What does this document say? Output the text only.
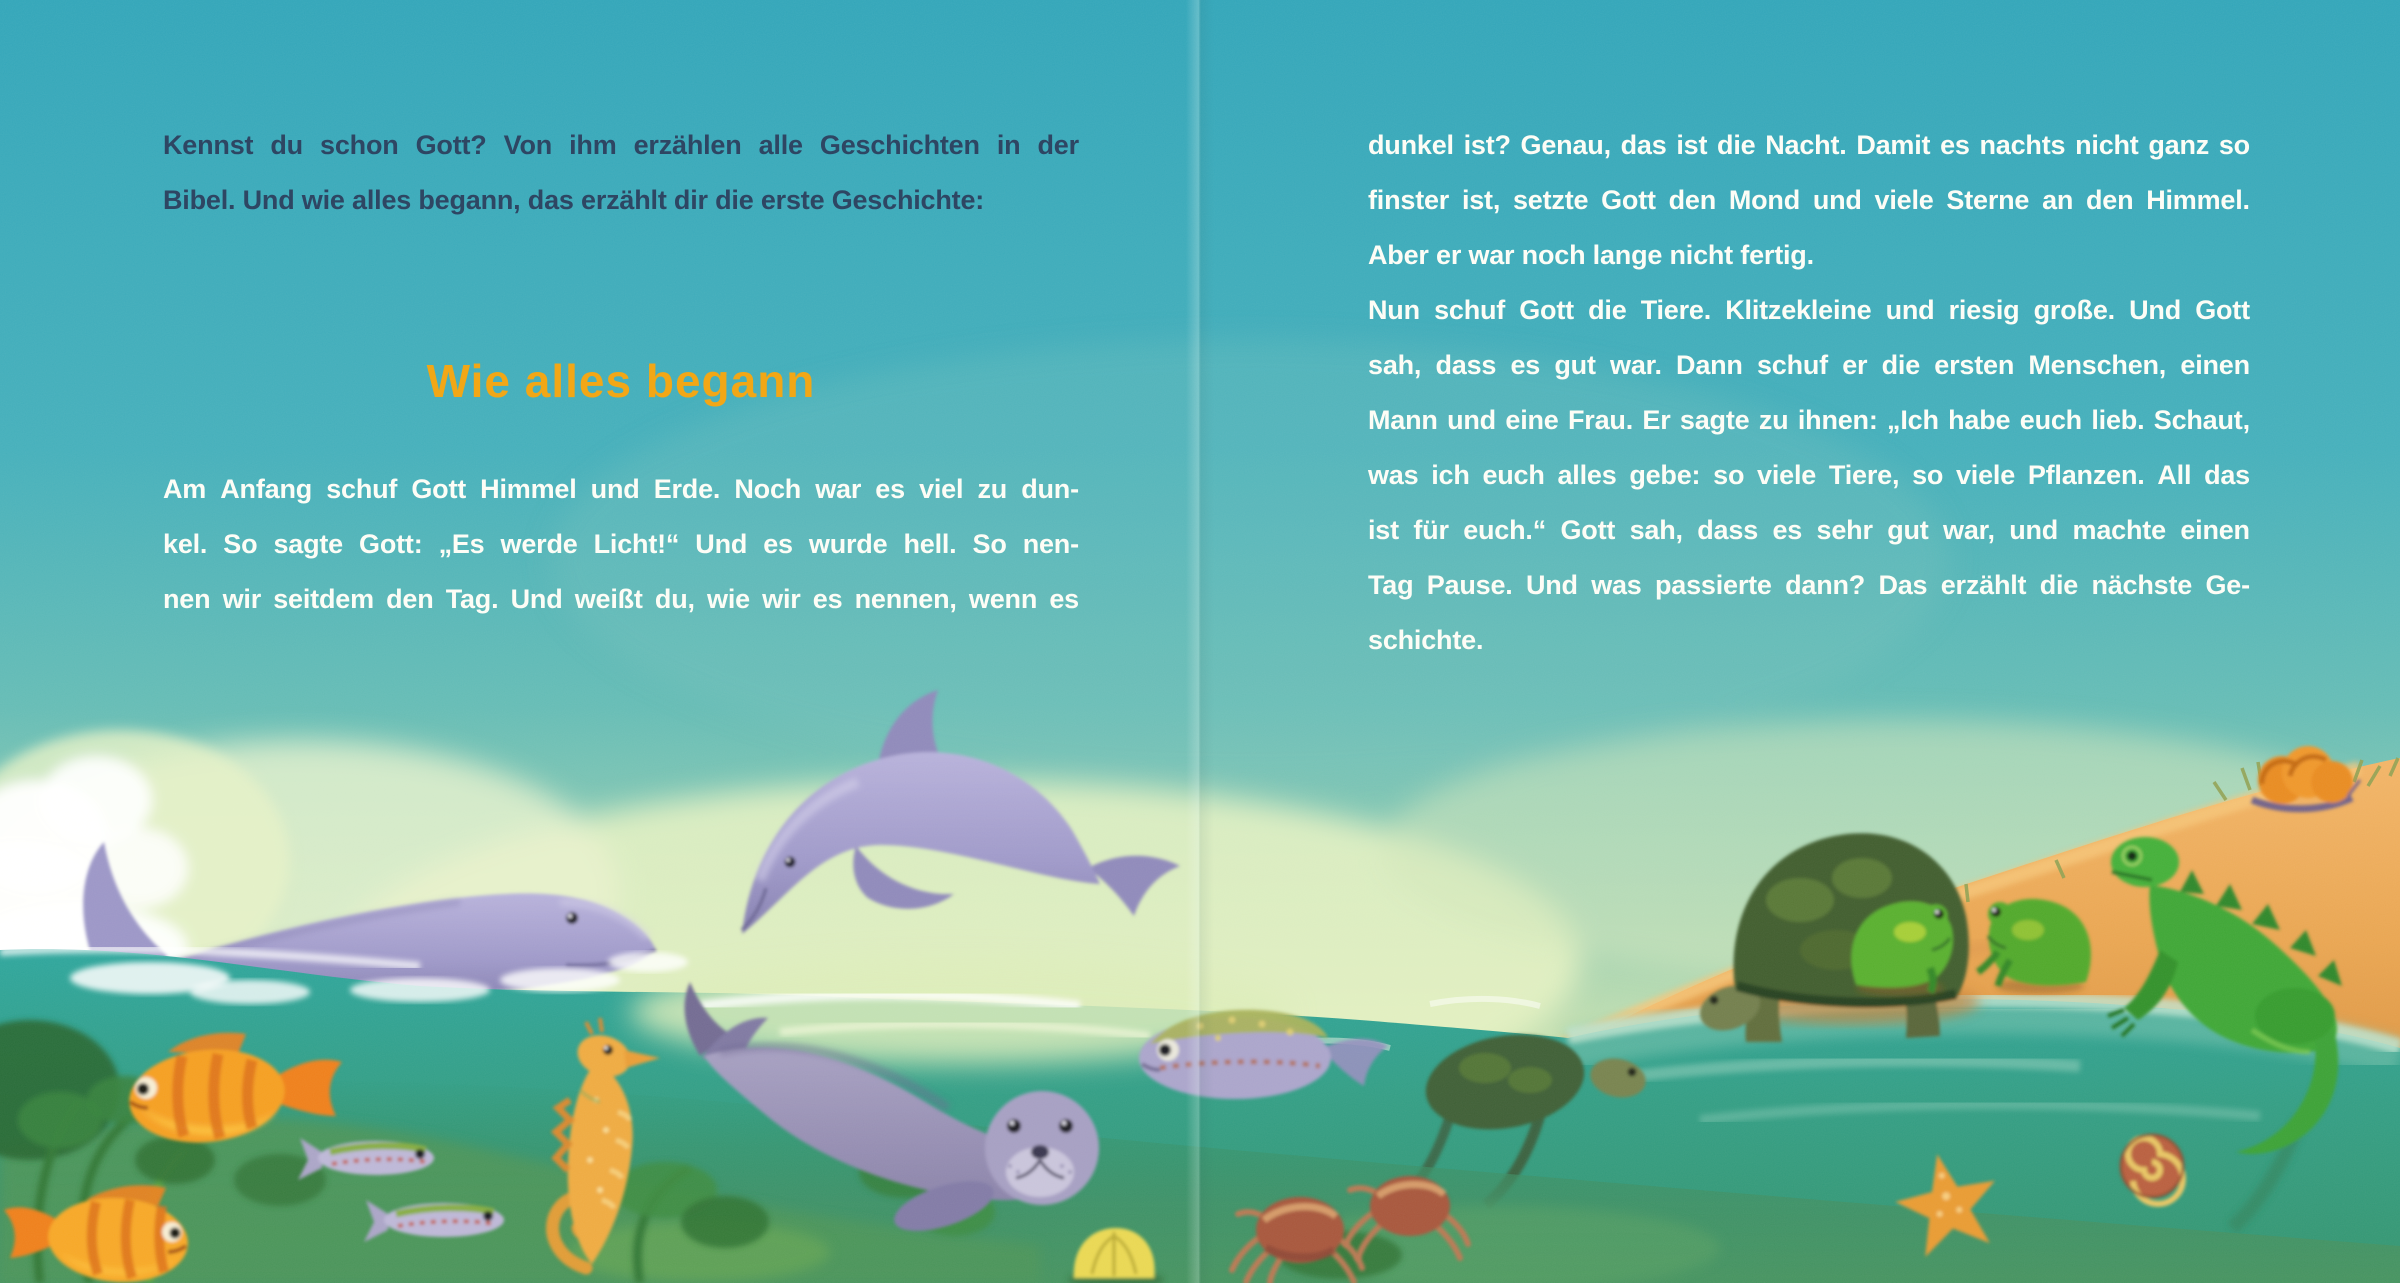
Kennst du schon Gott? Von ihm erzählen alle Geschichten in der
Bibel. Und wie alles begann, das erzählt dir die erste Geschichte:
Wie alles begann
Am Anfang schuf Gott Himmel und Erde. Noch war es viel zu dun-
kel. So sagte Gott: „Es werde Licht!“ Und es wurde hell. So nen-
nen wir seitdem den Tag. Und weißt du, wie wir es nennen, wenn es
dunkel ist? Genau, das ist die Nacht. Damit es nachts nicht ganz so
finster ist, setzte Gott den Mond und viele Sterne an den Himmel.
Aber er war noch lange nicht fertig.
Nun schuf Gott die Tiere. Klitzekleine und riesig große. Und Gott
sah, dass es gut war. Dann schuf er die ersten Menschen, einen
Mann und eine Frau. Er sagte zu ihnen: „Ich habe euch lieb. Schaut,
was ich euch alles gebe: so viele Tiere, so viele Pflanzen. All das
ist für euch.“ Gott sah, dass es sehr gut war, und machte einen
Tag Pause. Und was passierte dann? Das erzählt die nächste Ge-
schichte.
